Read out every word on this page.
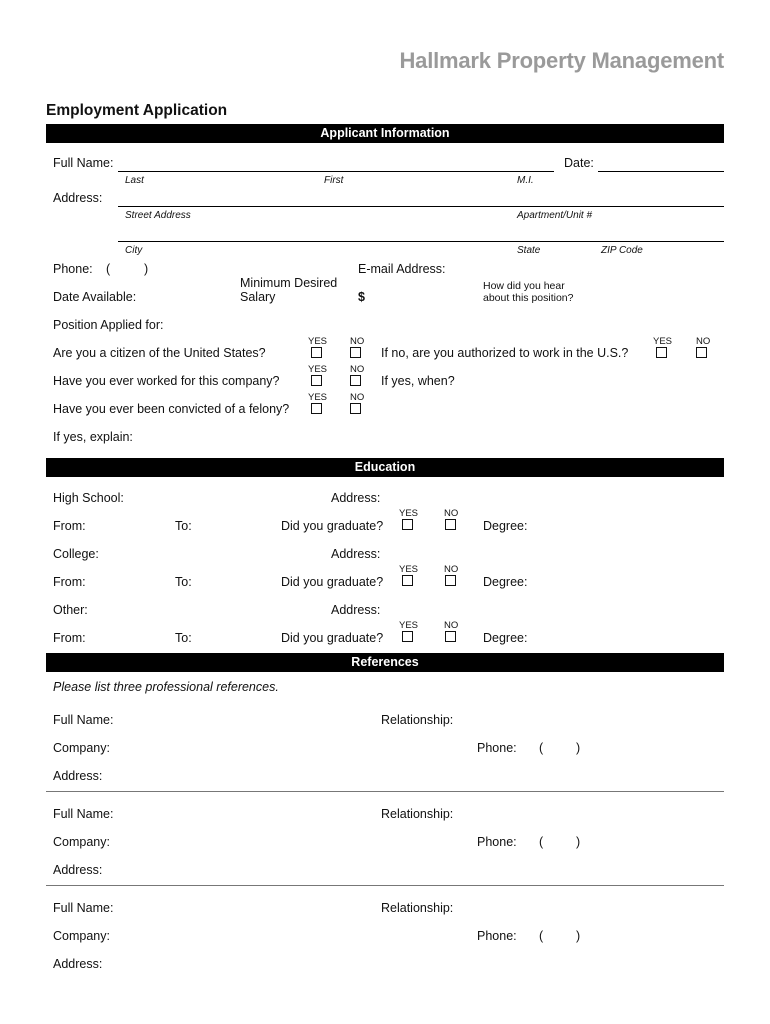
Hallmark Property Management
Employment Application
Applicant Information
Full Name:	Date:
Last	First	M.I.
Address:
Street Address	Apartment/Unit #
City	State	ZIP Code
Phone: (	)	E-mail Address:
Date Available:
Minimum Desired
Salary	$
How did you hear
about this position?
Position Applied for:
YES NO	YES	NO
Are you a citizen of the United States?	If no, are you authorized to work in the U.S.?
YES NO
Have you ever worked for this company?	If yes, when?
YES NO
Have you ever been convicted of a felony?
If yes, explain:
Education
High School:	Address:
YES	NO
From:	To:	Did you graduate?	Degree:
College:	Address:
YES	NO
From:	To:	Did you graduate?	Degree:
Other:	Address:
YES	NO
From:	To:	Did you graduate?	Degree:
References
Please list three professional references.
Full Name:	Relationship:
Company:	Phone: (	)
Address:
Full Name:	Relationship:
Company:	Phone: (	)
Address:
Full Name:	Relationship:
Company:	Phone: (	)
Address:
